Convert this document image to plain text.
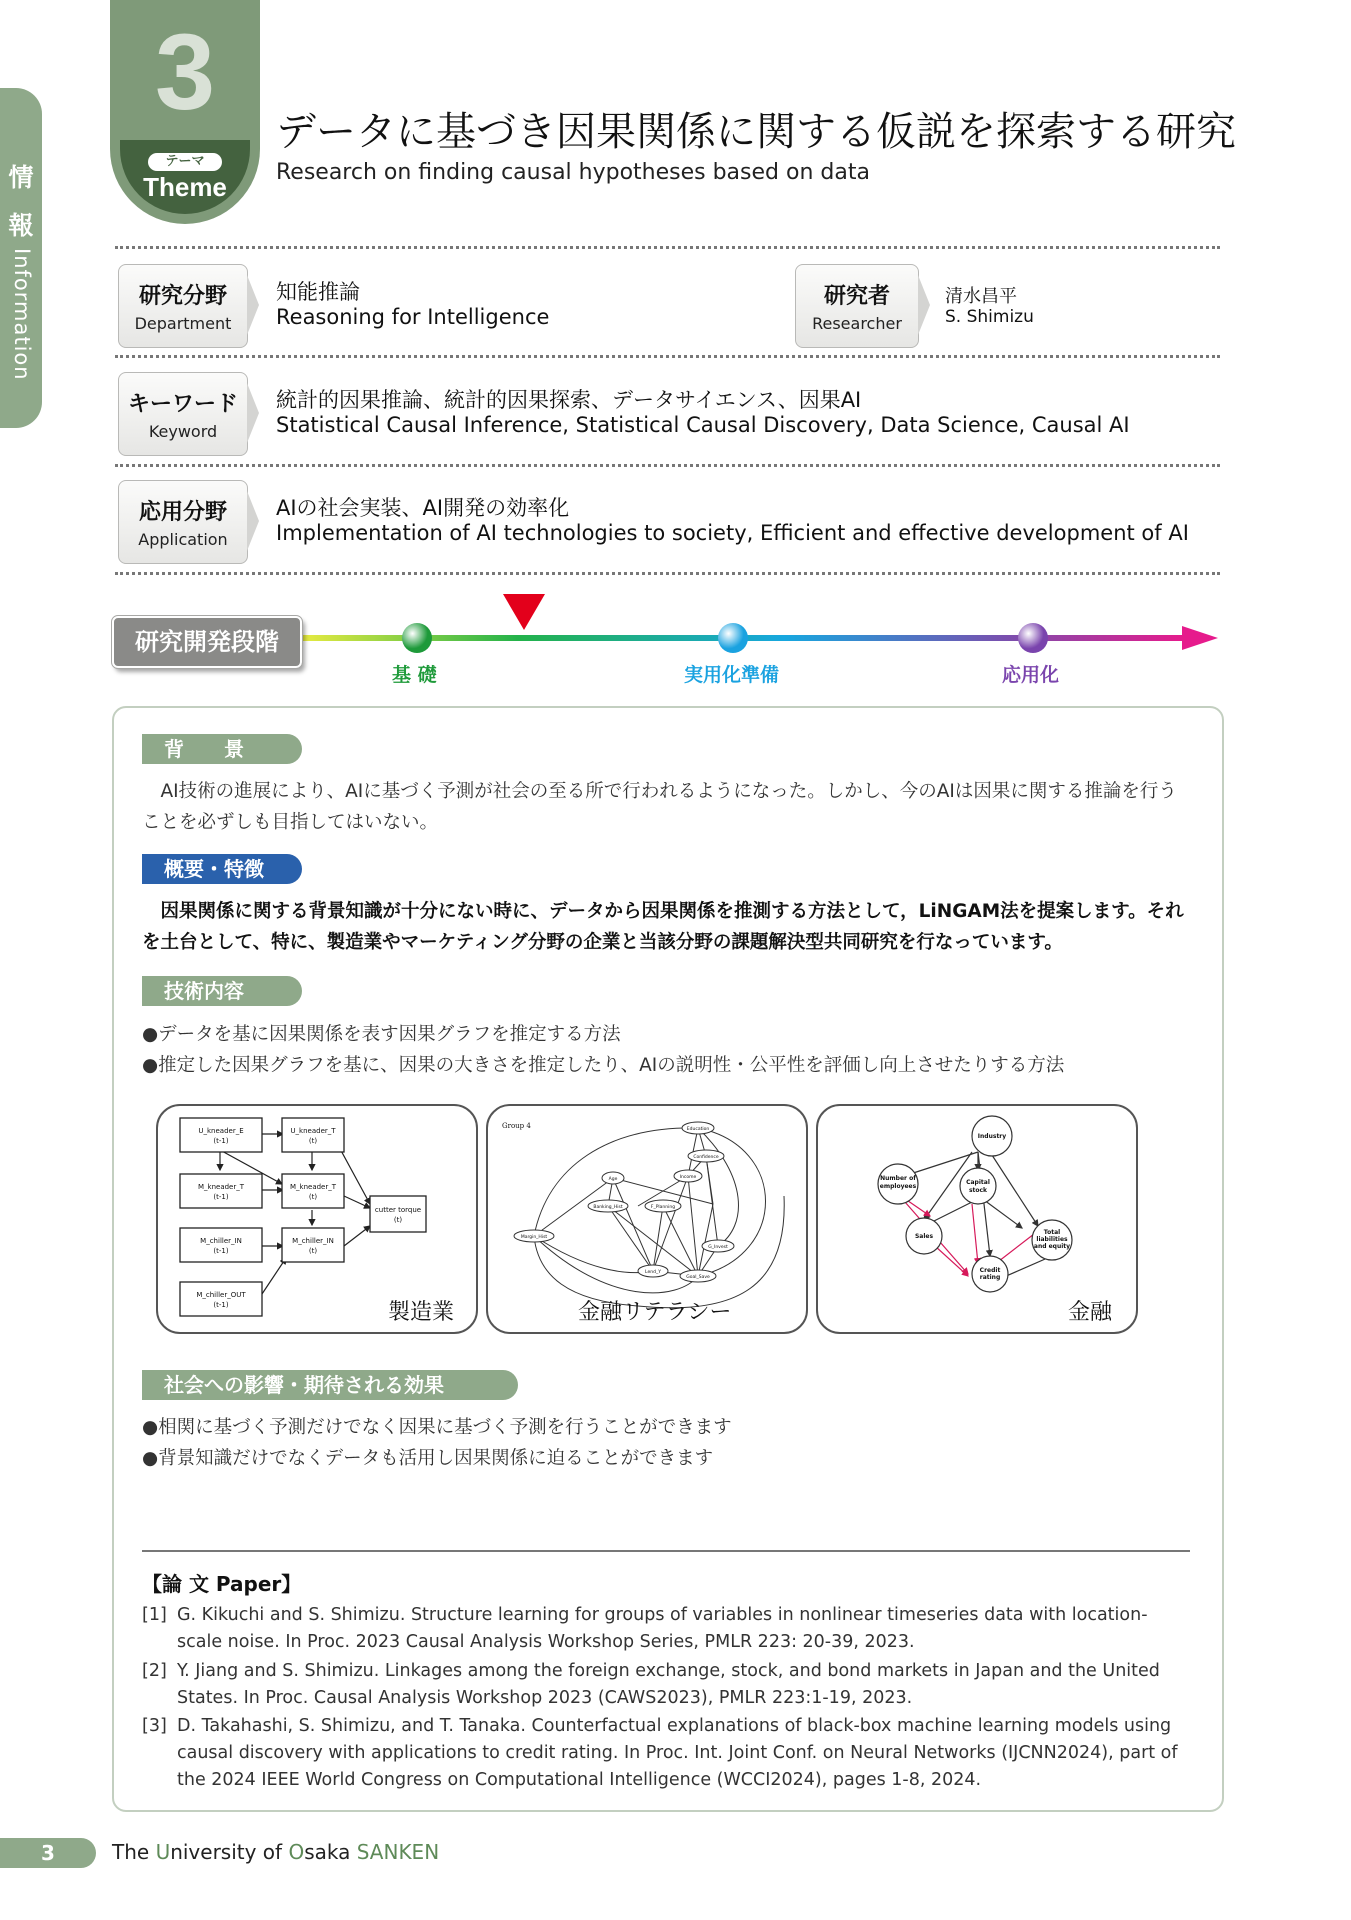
情
報
Information
3
テーマ
Theme
データに基づき因果関係に関する仮説を探索する研究
Research on finding causal hypotheses based on data
研究分野
Department
知能推論
Reasoning for Intelligence
研究者
Researcher
清水昌平
S. Shimizu
キーワード
Keyword
統計的因果推論、統計的因果探索、データサイエンス、因果AI
Statistical Causal Inference, Statistical Causal Discovery, Data Science, Causal AI
応用分野
Application
AIの社会実装、AI開発の効率化
Implementation of AI technologies to society, Efficient and effective development of AI
研究開発段階
基 礎	実用化準備	応用化
背　　景
AI技術の進展により、AIに基づく予測が社会の至る所で行われるようになった。しかし、今のAIは因果に関する推論を行うことを必ずしも目指してはいない。
概要・特徴
因果関係に関する背景知識が十分にない時に、データから因果関係を推測する方法として，LiNGAM法を提案します。それを土台として、特に、製造業やマーケティング分野の企業と当該分野の課題解決型共同研究を行なっています。
技術内容
●データを基に因果関係を表す因果グラフを推定する方法
●推定した因果グラフを基に、因果の大きさを推定したり、AIの説明性・公平性を評価し向上させたりする方法
U_kneader_E
(t-1)
U_kneader_T
(t)
M_kneader_T
(t-1)
M_kneader_T
(t)
M_chiller_IN
(t-1)
M_chiller_IN
(t)
M_chiller_OUT
(t-1)
cutter torque
(t)
製造業
Group 4	Education
Confidence
Income
Age
Banking_Hist	F_Planning
G_Invest
Margin_Hist
Lend_Y
Goal_Save
金融リテラシー
Industry
Number of
employees
Capital
stock
Total
liabilities
and equity
Sales
Credit
rating
金融
社会への影響・期待される効果
●相関に基づく予測だけでなく因果に基づく予測を行うことができます
●背景知識だけでなくデータも活用し因果関係に迫ることができます
【論 文 Paper】
[1] G. Kikuchi and S. Shimizu. Structure learning for groups of variables in nonlinear timeseries data with location-scale noise. In Proc. 2023 Causal Analysis Workshop Series, PMLR 223: 20-39, 2023.
[2] Y. Jiang and S. Shimizu. Linkages among the foreign exchange, stock, and bond markets in Japan and the United States. In Proc. Causal Analysis Workshop 2023 (CAWS2023), PMLR 223:1-19, 2023.
[3] D. Takahashi, S. Shimizu, and T. Tanaka. Counterfactual explanations of black-box machine learning models using causal discovery with applications to credit rating. In Proc. Int. Joint Conf. on Neural Networks (IJCNN2024), part of the 2024 IEEE World Congress on Computational Intelligence (WCCI2024), pages 1-8, 2024.
3	The University of Osaka SANKEN
